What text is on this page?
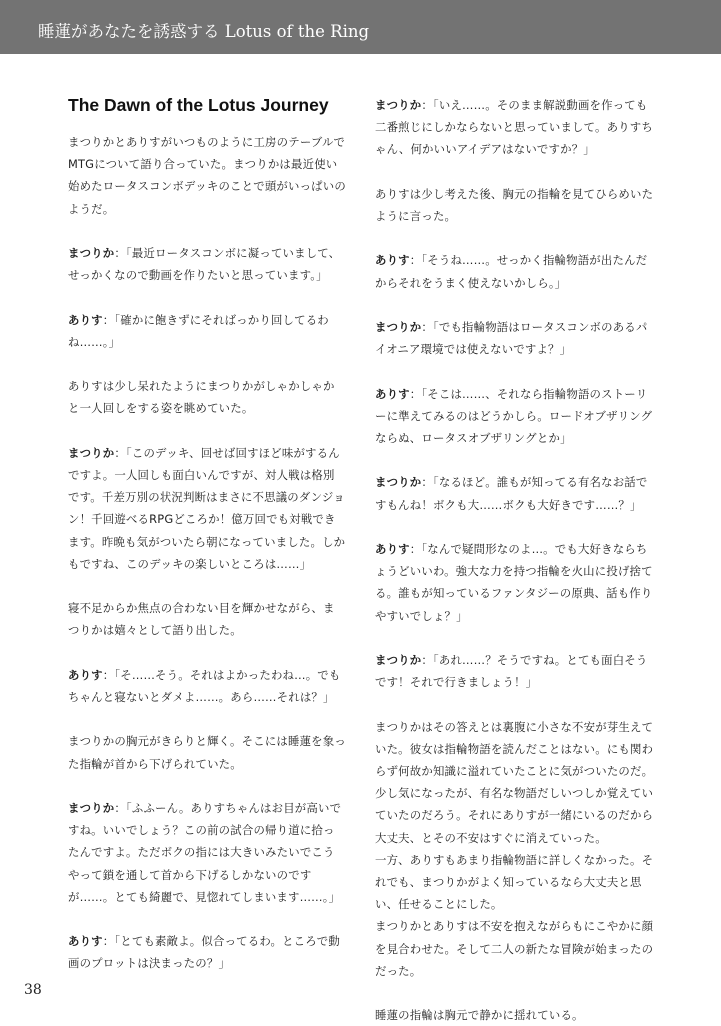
睡蓮があなたを誘惑する Lotus of the Ring
The Dawn of the Lotus Journey

まつりかとありすがいつものように工房のテーブルでMTGについて語り合っていた。まつりかは最近使い始めたロータスコンボデッキのことで頭がいっぱいのようだ。

まつりか：「最近ロータスコンボに凝っていまして、せっかくなので動画を作りたいと思っています。」

ありす：「確かに飽きずにそればっかり回してるわね……。」

ありすは少し呆れたようにまつりかがしゃかしゃかと一人回しをする姿を眺めていた。

まつりか：「このデッキ、回せば回すほど味がするんですよ。一人回しも面白いんですが、対人戦は格別です。千差万別の状況判断はまさに不思議のダンジョン！千回遊べるRPGどころか！億万回でも対戦できます。昨晩も気がついたら朝になっていました。しかもですね、このデッキの楽しいところは……」

寝不足からか焦点の合わない目を輝かせながら、まつりかは嬉々として語り出した。

ありす：「そ……そう。それはよかったわね…。でもちゃんと寝ないとダメよ……。あら……それは？」

まつりかの胸元がきらりと輝く。そこには睡蓮を象った指輪が首から下げられていた。

まつりか：「ふふーん。ありすちゃんはお目が高いですね。いいでしょう？この前の試合の帰り道に拾ったんですよ。ただボクの指には大きいみたいでこうやって鎖を通して首から下げるしかないのですが……。とても綺麗で、見惚れてしまいます……。」

ありす：「とても素敵よ。似合ってるわ。ところで動画のプロットは決まったの？」

まつりか：「いえ……。そのまま解説動画を作っても二番煎じにしかならないと思っていまして。ありすちゃん、何かいいアイデアはないですか？」

ありすは少し考えた後、胸元の指輪を見てひらめいたように言った。

ありす：「そうね……。せっかく指輪物語が出たんだからそれをうまく使えないかしら。」

まつりか：「でも指輪物語はロータスコンボのあるパイオニア環境では使えないですよ？」

ありす：「そこは……、それなら指輪物語のストーリーに準えてみるのはどうかしら。ロードオブザリングならぬ、ロータスオブザリングとか」

まつりか：「なるほど。誰もが知ってる有名なお話ですもんね！ボクも大……ボクも大好きです……？」

ありす：「なんで疑問形なのよ…。でも大好きならちょうどいいわ。強大な力を持つ指輪を火山に投げ捨てる。誰もが知っているファンタジーの原典、話も作りやすいでしょ？」

まつりか：「あれ……？そうですね。とても面白そうです！それで行きましょう！」

まつりかはその答えとは裏腹に小さな不安が芽生えていた。彼女は指輪物語を読んだことはない。にも関わらず何故か知識に溢れていたことに気がついたのだ。少し気になったが、有名な物語だしいつしか覚えていていたのだろう。それにありすが一緒にいるのだから大丈夫、とその不安はすぐに消えていった。

一方、ありすもあまり指輪物語に詳しくなかった。それでも、まつりかがよく知っているなら大丈夫と思い、任せることにした。

まつりかとありすは不安を抱えながらもにこやかに顔を見合わせた。そして二人の新たな冒険が始まったのだった。

睡蓮の指輪は胸元で静かに揺れている。

38
